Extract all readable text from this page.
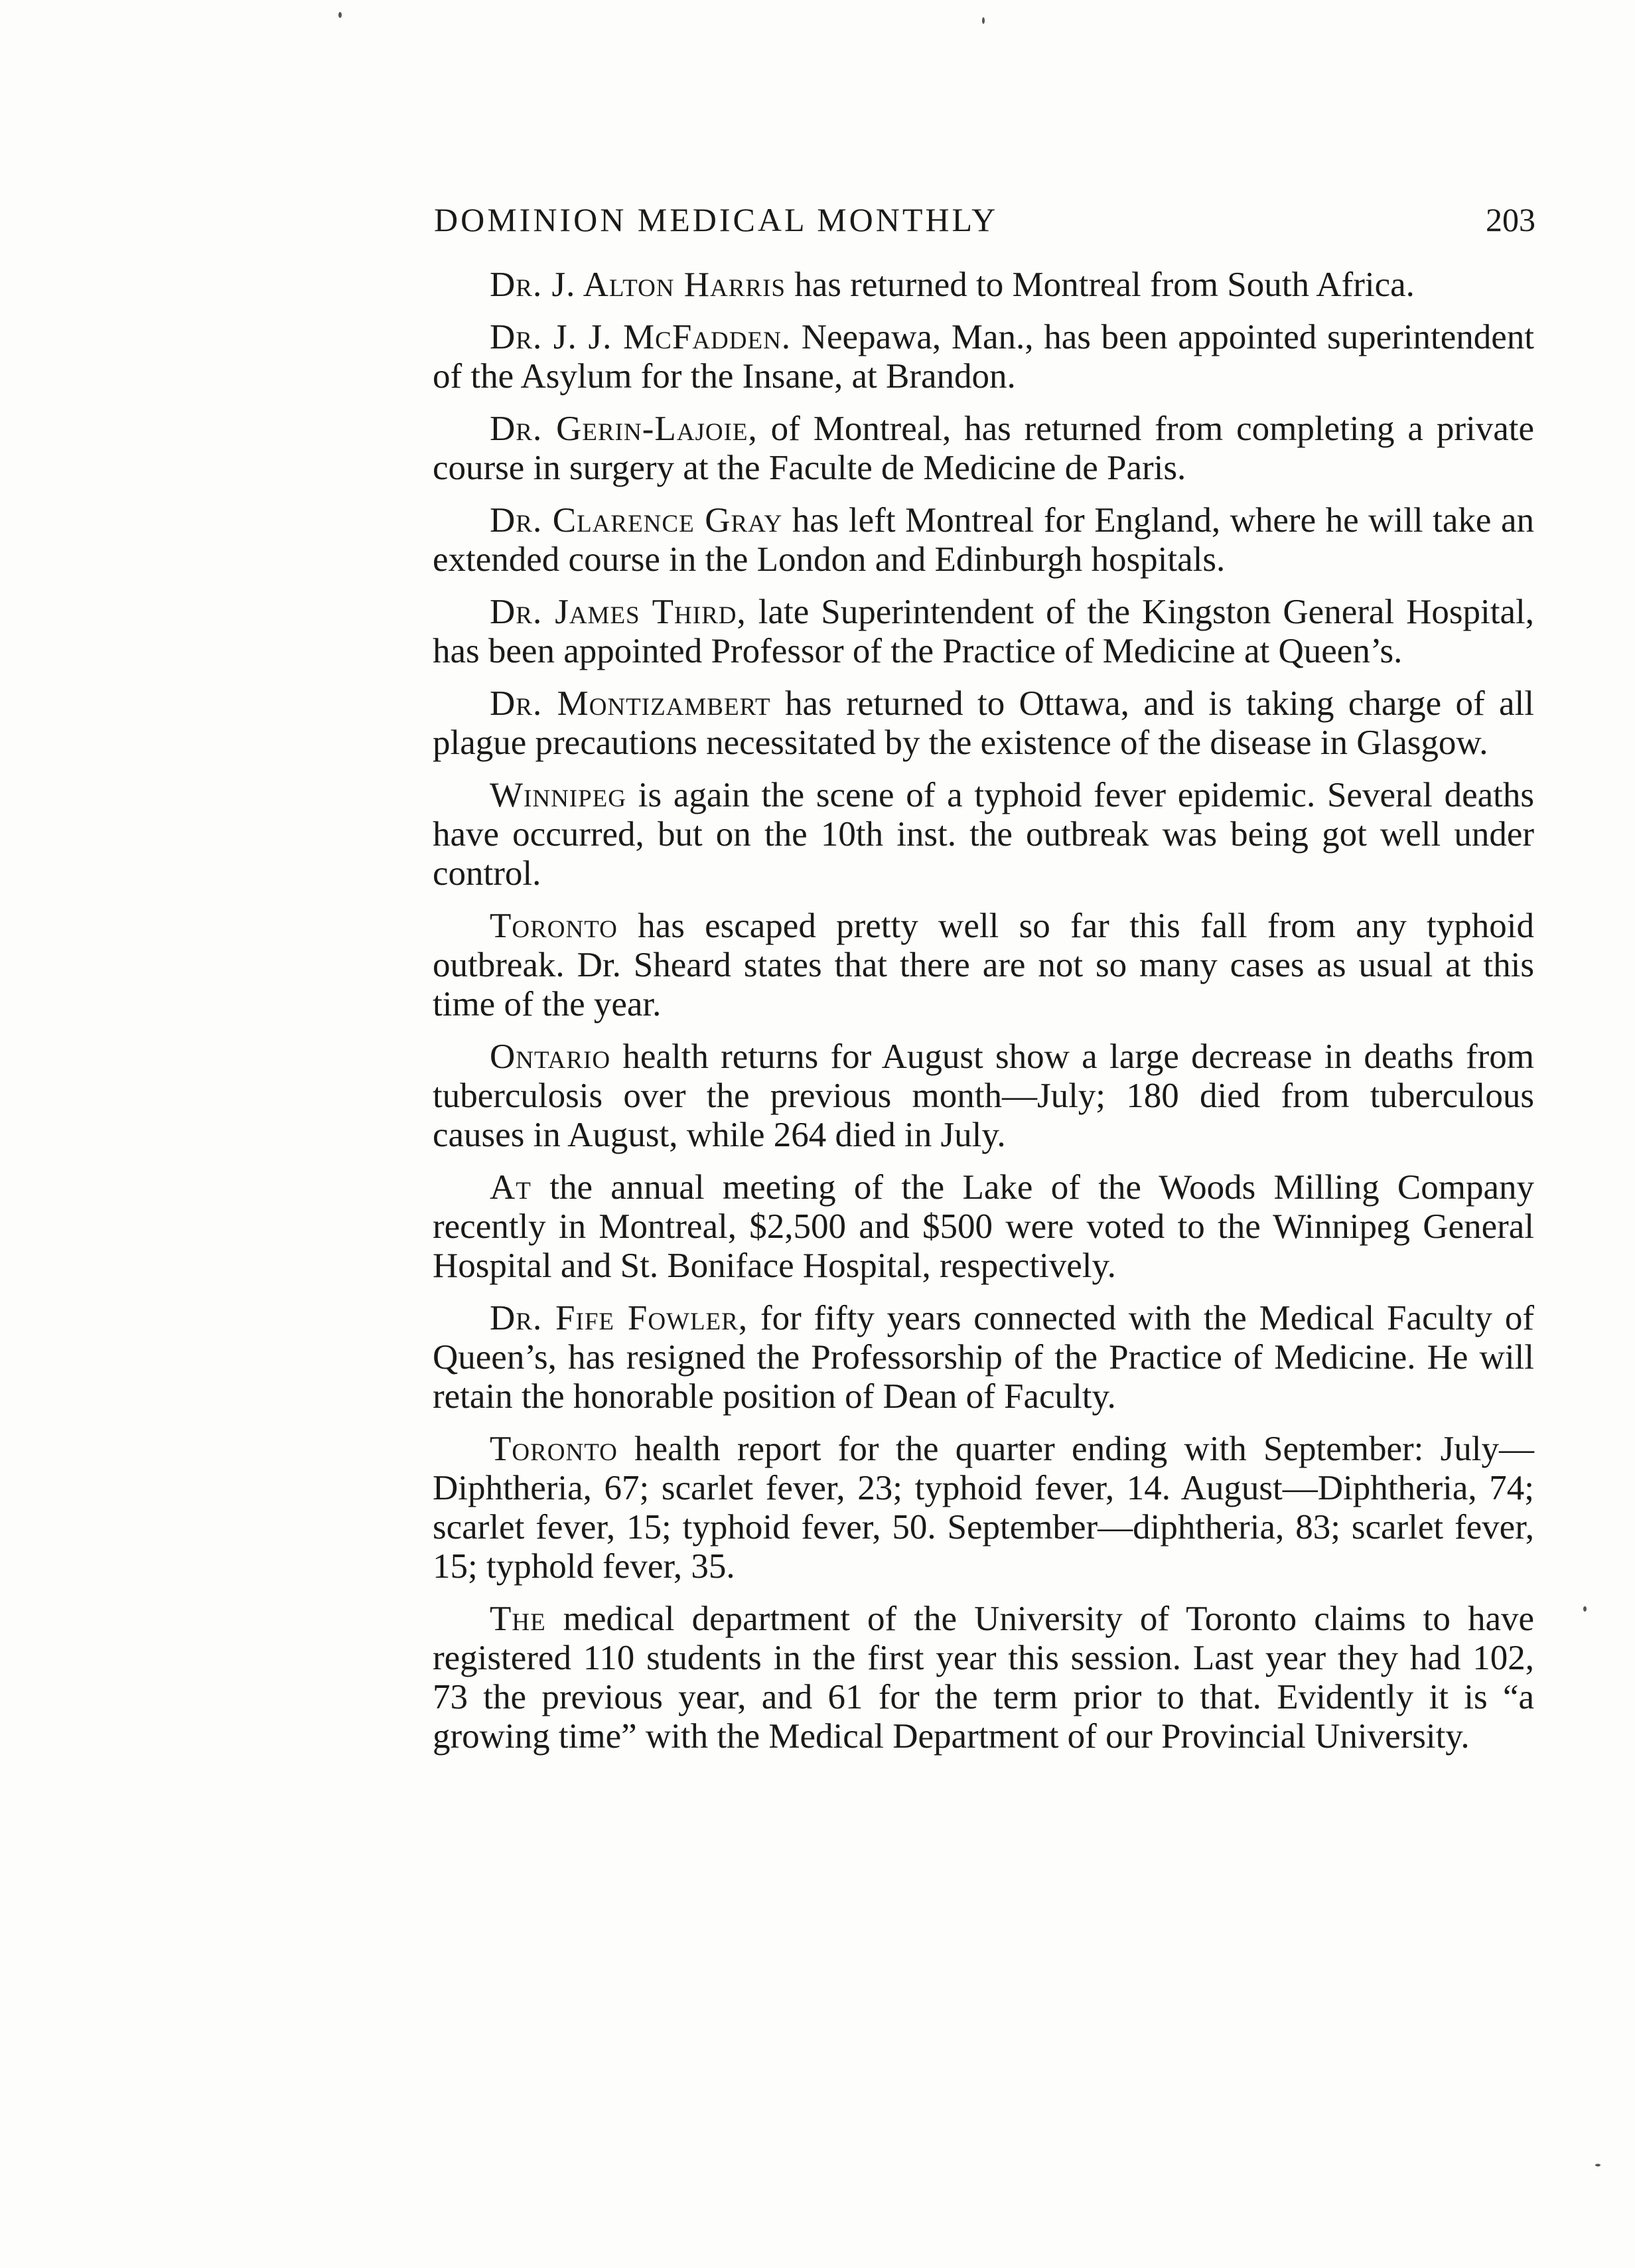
DOMINION MEDICAL MONTHLY	203

Dr. J. Alton Harris has returned to Montreal from South Africa.

Dr. J. J. McFadden. Neepawa, Man., has been appointed superintendent of the Asylum for the Insane, at Brandon.

Dr. Gerin-Lajoie, of Montreal, has returned from completing a private course in surgery at the Faculte de Medicine de Paris.

Dr. Clarence Gray has left Montreal for England, where he will take an extended course in the London and Edinburgh hospitals.

Dr. James Third, late Superintendent of the Kingston General Hospital, has been appointed Professor of the Practice of Medicine at Queen’s.

Dr. Montizambert has returned to Ottawa, and is taking charge of all plague precautions necessitated by the existence of the disease in Glasgow.

Winnipeg is again the scene of a typhoid fever epidemic. Several deaths have occurred, but on the 10th inst. the outbreak was being got well under control.

Toronto has escaped pretty well so far this fall from any typhoid outbreak. Dr. Sheard states that there are not so many cases as usual at this time of the year.

Ontario health returns for August show a large decrease in deaths from tuberculosis over the previous month—July; 180 died from tuberculous causes in August, while 264 died in July.

At the annual meeting of the Lake of the Woods Milling Company recently in Montreal, $2,500 and $500 were voted to the Winnipeg General Hospital and St. Boniface Hospital, respectively.

Dr. Fife Fowler, for fifty years connected with the Medical Faculty of Queen’s, has resigned the Professorship of the Practice of Medicine. He will retain the honorable position of Dean of Faculty.

Toronto health report for the quarter ending with September: July—Diphtheria, 67; scarlet fever, 23; typhoid fever, 14. August—Diphtheria, 74; scarlet fever, 15; typhoid fever, 50. September—diphtheria, 83; scarlet fever, 15; typhold fever, 35.

The medical department of the University of Toronto claims to have registered 110 students in the first year this session. Last year they had 102, 73 the previous year, and 61 for the term prior to that. Evidently it is “a growing time” with the Medical Department of our Provincial University.
